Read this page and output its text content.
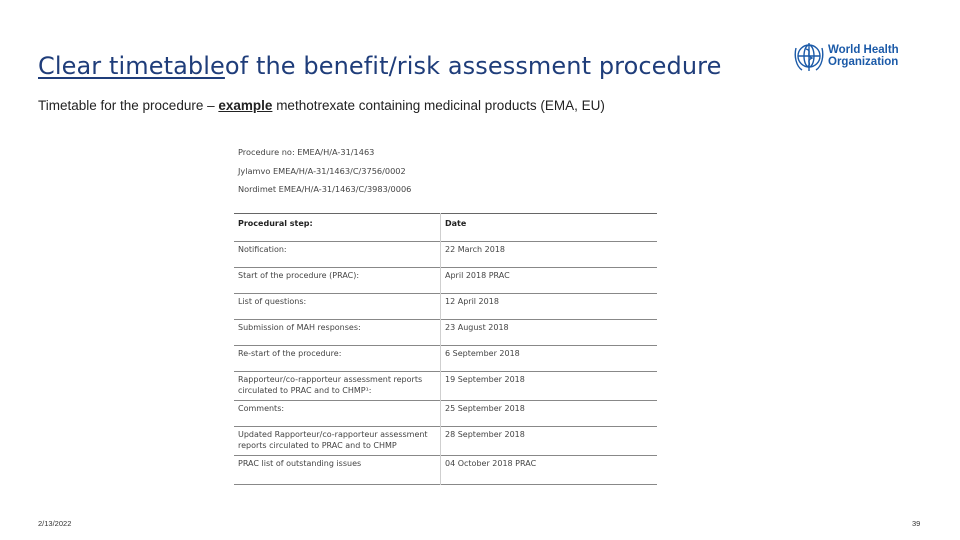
Clear timetableof the benefit/risk assessment procedure
World Health
Organization
Timetable for the procedure – example methotrexate containing medicinal products (EMA, EU)
Procedure no: EMEA/H/A-31/1463
Jylamvo EMEA/H/A-31/1463/C/3756/0002
Nordimet EMEA/H/A-31/1463/C/3983/0006
Procedural step:	Date
Notification:	22 March 2018
Start of the procedure (PRAC):	April 2018 PRAC
List of questions:	12 April 2018
Submission of MAH responses:	23 August 2018
Re-start of the procedure:	6 September 2018
Rapporteur/co-rapporteur assessment reports circulated to PRAC and to CHMP¹:	19 September 2018
Comments:	25 September 2018
Updated Rapporteur/co-rapporteur assessment reports circulated to PRAC and to CHMP	28 September 2018
PRAC list of outstanding issues	04 October 2018 PRAC
2/13/2022	39
